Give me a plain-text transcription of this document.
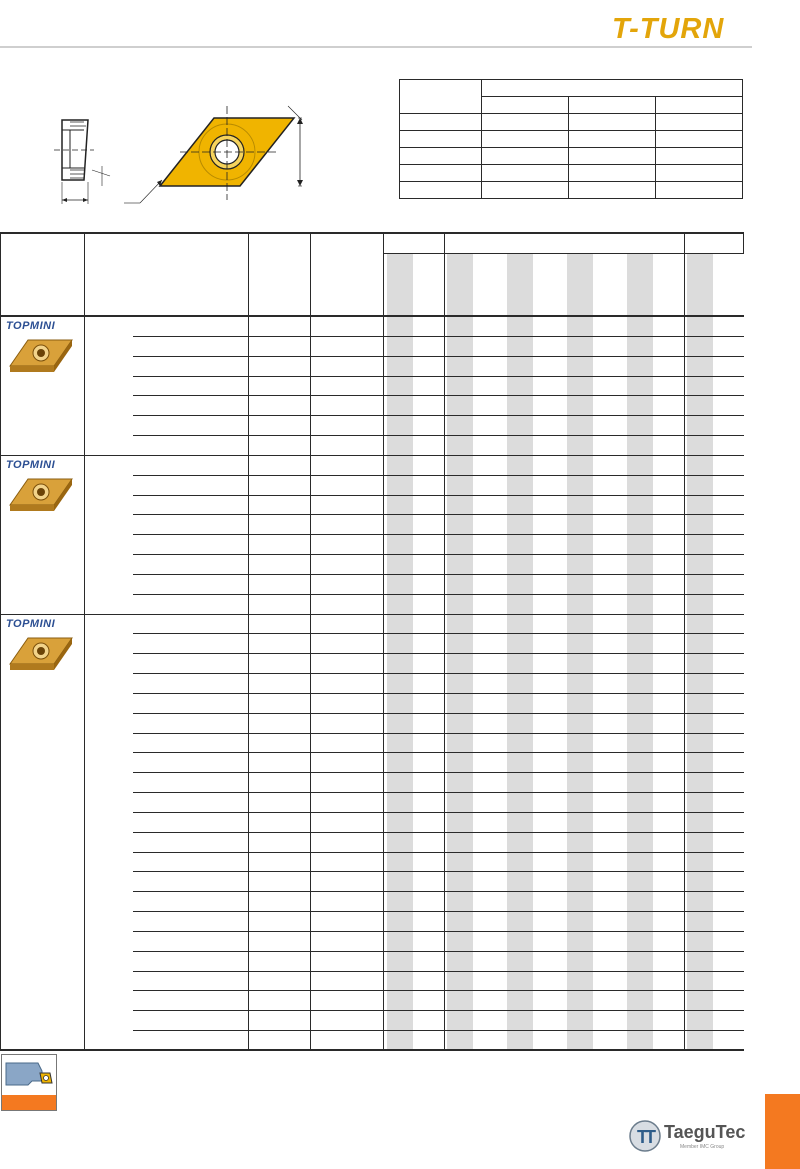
T-TURN

TOPMINI
TOPMINI
TOPMINI
T
T TaeguTec
Member IMC Group
